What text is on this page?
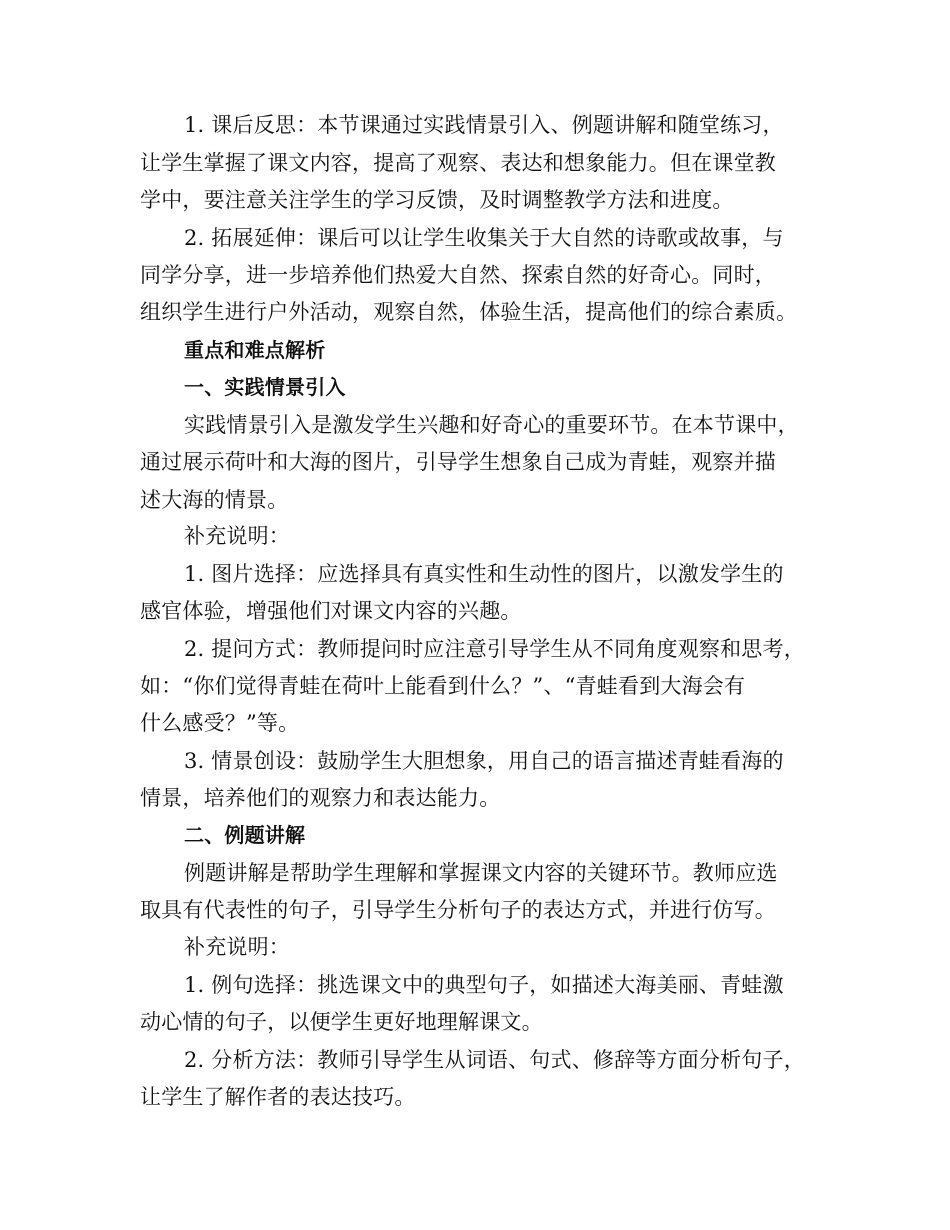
1. 课后反思：本节课通过实践情景引入、例题讲解和随堂练习，
让学生掌握了课文内容，提高了观察、表达和想象能力。但在课堂教
学中，要注意关注学生的学习反馈，及时调整教学方法和进度。
2. 拓展延伸：课后可以让学生收集关于大自然的诗歌或故事，与
同学分享，进一步培养他们热爱大自然、探索自然的好奇心。同时，
组织学生进行户外活动，观察自然，体验生活，提高他们的综合素质。
重点和难点解析
一、实践情景引入
实践情景引入是激发学生兴趣和好奇心的重要环节。在本节课中，
通过展示荷叶和大海的图片，引导学生想象自己成为青蛙，观察并描
述大海的情景。
补充说明：
1. 图片选择：应选择具有真实性和生动性的图片，以激发学生的
感官体验，增强他们对课文内容的兴趣。
2. 提问方式：教师提问时应注意引导学生从不同角度观察和思考，
如：“你们觉得青蛙在荷叶上能看到什么？”、“青蛙看到大海会有
什么感受？”等。
3. 情景创设：鼓励学生大胆想象，用自己的语言描述青蛙看海的
情景，培养他们的观察力和表达能力。
二、例题讲解
例题讲解是帮助学生理解和掌握课文内容的关键环节。教师应选
取具有代表性的句子，引导学生分析句子的表达方式，并进行仿写。
补充说明：
1. 例句选择：挑选课文中的典型句子，如描述大海美丽、青蛙激
动心情的句子，以便学生更好地理解课文。
2. 分析方法：教师引导学生从词语、句式、修辞等方面分析句子，
让学生了解作者的表达技巧。
